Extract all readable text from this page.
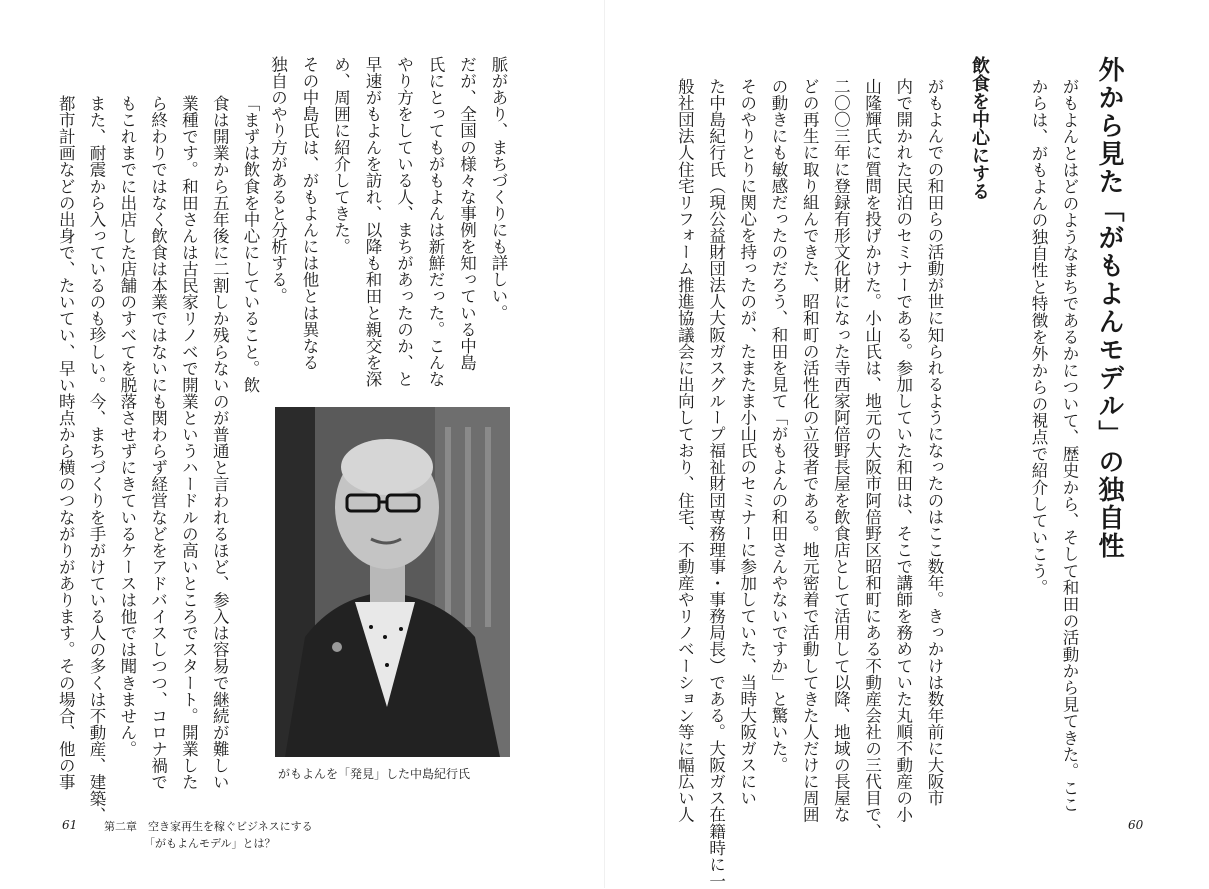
外から見た「がもよんモデル」の独自性

がもよんとはどのようなまちであるかについて、歴史から、そして和田の活動から見てきた。ここ

からは、がもよんの独自性と特徴を外からの視点で紹介していこう。

飲食を中心にする

がもよんでの和田らの活動が世に知られるようになったのはここ数年。きっかけは数年前に大阪市

内で開かれた民泊のセミナーである。参加していた和田は、そこで講師を務めていた丸順不動産の小

山隆輝氏に質問を投げかけた。小山氏は、地元の大阪市阿倍野区昭和町にある不動産会社の三代目で、

二〇〇三年に登録有形文化財になった寺西家阿倍野長屋を飲食店として活用して以降、地域の長屋な

どの再生に取り組んできた、昭和町の活性化の立役者である。地元密着で活動してきた人だけに周囲

の動きにも敏感だったのだろう、和田を見て「がもよんの和田さんやないですか」と驚いた。

そのやりとりに関心を持ったのが、たまたま小山氏のセミナーに参加していた、当時大阪ガスにい

た中島紀行氏（現公益財団法人大阪ガスグループ福祉財団専務理事・事務局長）である。大阪ガス在籍時に一

般社団法人住宅リフォーム推進協議会に出向しており、住宅、不動産やリノベーション等に幅広い人

60

脈があり、まちづくりにも詳しい。

だが、全国の様々な事例を知っている中島

氏にとってもがもよんは新鮮だった。こんな

やり方をしている人、まちがあったのか、と

早速がもよんを訪れ、以降も和田と親交を深

め、周囲に紹介してきた。

その中島氏は、がもよんには他とは異なる

独自のやり方があると分析する。

がもよんを「発見」した中島紀行氏

「まずは飲食を中心にしていること。飲

食は開業から五年後に二割しか残らないのが普通と言われるほど、参入は容易で継続が難しい

業種です。和田さんは古民家リノベで開業というハードルの高いところでスタート。開業した

ら終わりではなく飲食は本業ではないにも関わらず経営などをアドバイスしつつ、コロナ禍で

もこれまでに出店した店舗のすべてを脱落させずにきているケースは他では聞きません。

また、耐震から入っているのも珍しい。今、まちづくりを手がけている人の多くは不動産、建築、

都市計画などの出身で、たいてい、早い時点から横のつながりがあります。その場合、他の事

61 第二章　空き家再生を稼ぐビジネスにする
「がもよんモデル」とは？
